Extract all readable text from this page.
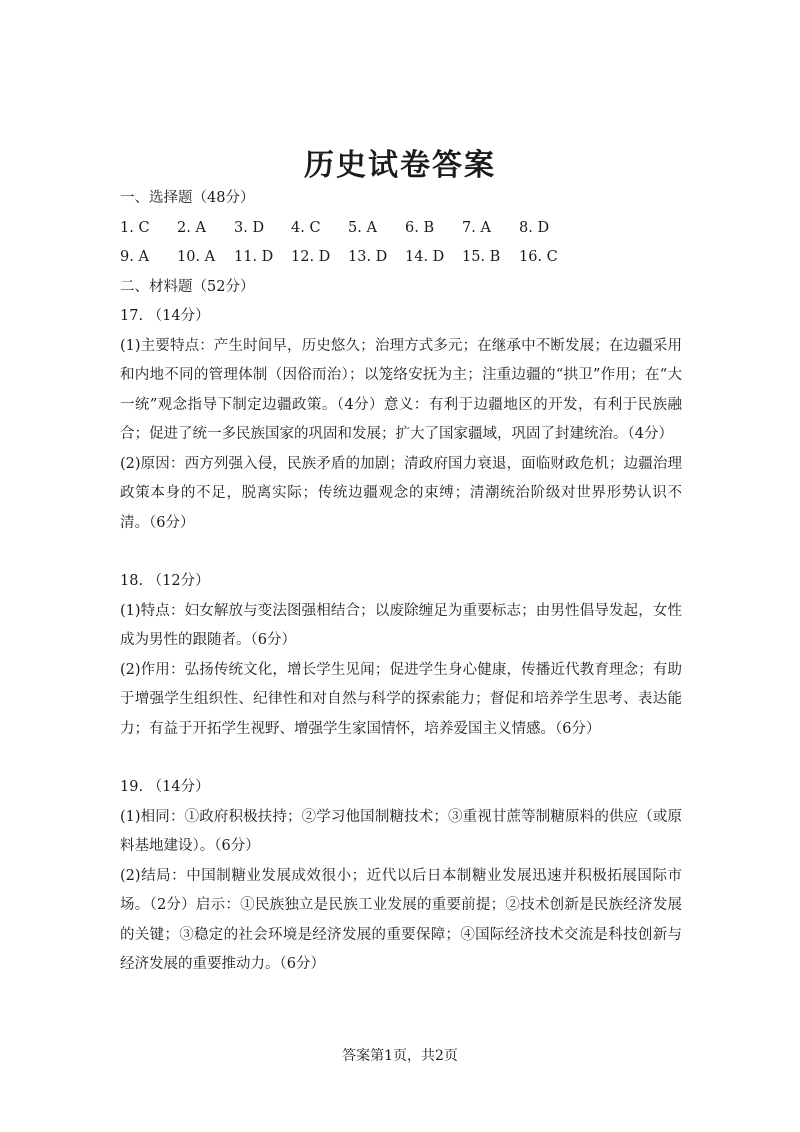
历史试卷答案
一、选择题（48分）
1. C	2. A	3. D	4. C	5. A	6. B	7. A	8. D
9. A	10. A	11. D	12. D	13. D	14. D	15. B	16. C
二、材料题（52分）
17. （14分）
(1)主要特点：产生时间早，历史悠久；治理方式多元；在继承中不断发展；在边疆采用和内地不同的管理体制（因俗而治）；以笼络安抚为主；注重边疆的“拱卫”作用；在“大一统”观念指导下制定边疆政策。（4分）意义：有利于边疆地区的开发，有利于民族融合；促进了统一多民族国家的巩固和发展；扩大了国家疆域，巩固了封建统治。（4分）
(2)原因：西方列强入侵，民族矛盾的加剧；清政府国力衰退，面临财政危机；边疆治理政策本身的不足，脱离实际；传统边疆观念的束缚；清潮统治阶级对世界形势认识不清。（6分）
18. （12分）
(1)特点：妇女解放与变法图强相结合；以废除缠足为重要标志；由男性倡导发起，女性成为男性的跟随者。（6分）
(2)作用：弘扬传统文化，增长学生见闻；促进学生身心健康，传播近代教育理念；有助于增强学生组织性、纪律性和对自然与科学的探索能力；督促和培养学生思考、表达能力；有益于开拓学生视野、增强学生家国情怀，培养爱国主义情感。（6分）
19. （14分）
(1)相同：①政府积极扶持；②学习他国制糖技术；③重视甘蔗等制糖原料的供应（或原料基地建设）。（6分）
(2)结局：中国制糖业发展成效很小；近代以后日本制糖业发展迅速并积极拓展国际市场。（2分）启示：①民族独立是民族工业发展的重要前提；②技术创新是民族经济发展的关键；③稳定的社会环境是经济发展的重要保障；④国际经济技术交流是科技创新与经济发展的重要推动力。（6分）
答案第1页，共2页
